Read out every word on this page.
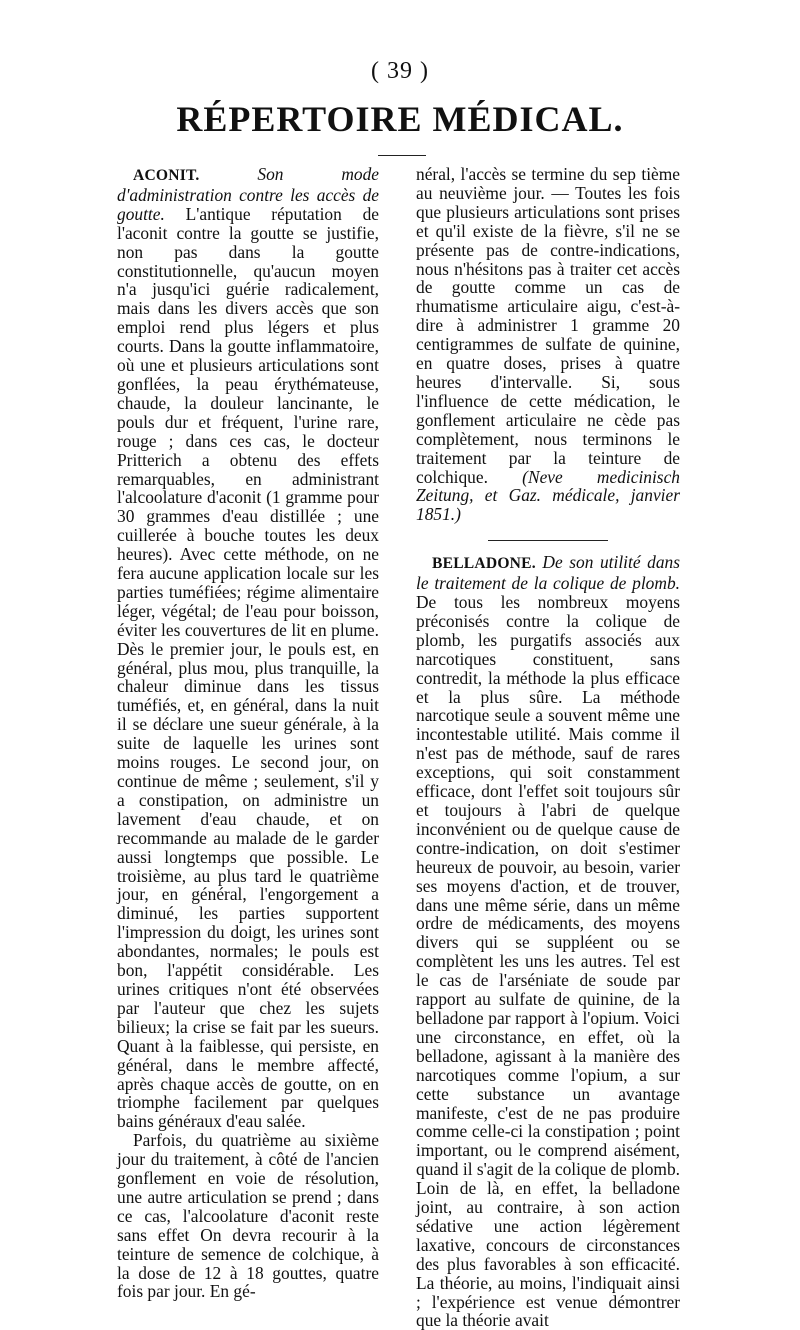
( 39 )
RÉPERTOIRE MÉDICAL.

ACONIT.	Son mode d'administration contre les accès de goutte. L'antique réputation de l'aconit contre la goutte se justifie, non pas dans la goutte constitutionnelle, qu'aucun moyen n'a jusqu'ici guérie radicalement, mais dans les divers accès que son emploi rend plus légers et plus courts. Dans la goutte inflammatoire, où une et plusieurs articulations sont gonflées, la peau érythémateuse, chaude, la douleur lancinante, le pouls dur et fréquent, l'urine rare, rouge ; dans ces cas, le docteur Pritterich a obtenu des effets remarquables, en administrant l'alcoolature d'aconit (1 gramme pour 30 grammes d'eau distillée ; une cuillerée à bouche toutes les deux heures). Avec cette méthode, on ne fera aucune application locale sur les parties tuméfiées; régime alimentaire léger, végétal; de l'eau pour boisson, éviter les couvertures de lit en plume. Dès le premier jour, le pouls est, en général, plus mou, plus tranquille, la chaleur diminue dans les tissus tuméfiés, et, en général, dans la nuit il se déclare une sueur générale, à la suite de laquelle les urines sont moins rouges. Le second jour, on continue de même ; seulement, s'il y a constipation, on administre un lavement d'eau chaude, et on recommande au malade de le garder aussi longtemps que possible. Le troisième, au plus tard le quatrième jour, en général, l'engorgement a diminué, les parties supportent l'impression du doigt, les urines sont abondantes, normales; le pouls est bon, l'appétit considérable. Les urines critiques n'ont été observées par l'auteur que chez les sujets bilieux; la crise se fait par les sueurs. Quant à la faiblesse, qui persiste, en général, dans le membre affecté, après chaque accès de goutte, on en triomphe facilement par quelques bains généraux d'eau salée.

Parfois, du quatrième au sixième jour du traitement, à côté de l'ancien gonflement en voie de résolution, une autre articulation se prend ; dans ce cas, l'alcoolature d'aconit reste sans effet On devra recourir à la teinture de semence de colchique, à la dose de 12 à 18 gouttes, quatre fois par jour. En gé-

néral, l'accès se termine du sep tième au neuvième jour. — Toutes les fois que plusieurs articulations sont prises et qu'il existe de la fièvre, s'il ne se présente pas de contre-indications, nous n'hésitons pas à traiter cet accès de goutte comme un cas de rhumatisme articulaire aigu, c'est-à-dire à administrer 1 gramme 20 centigrammes de sulfate de quinine, en quatre doses, prises à quatre heures d'intervalle. Si, sous l'influence de cette médication, le gonflement articulaire ne cède pas complètement, nous terminons le traitement par la teinture de colchique. (Neve medicinisch Zeitung, et Gaz. médicale, janvier 1851.)

BELLADONE. De son utilité dans le traitement de la colique de plomb. De tous les nombreux moyens préconisés contre la colique de plomb, les purgatifs associés aux narcotiques constituent, sans contredit, la méthode la plus efficace et la plus sûre. La méthode narcotique seule a souvent même une incontestable utilité. Mais comme il n'est pas de méthode, sauf de rares exceptions, qui soit constamment efficace, dont l'effet soit toujours sûr et toujours à l'abri de quelque inconvénient ou de quelque cause de contre-indication, on doit s'estimer heureux de pouvoir, au besoin, varier ses moyens d'action, et de trouver, dans une même série, dans un même ordre de médicaments, des moyens divers qui se suppléent ou se complètent les uns les autres. Tel est le cas de l'arséniate de soude par rapport au sulfate de quinine, de la belladone par rapport à l'opium. Voici une circonstance, en effet, où la belladone, agissant à la manière des narcotiques comme l'opium, a sur cette substance un avantage manifeste, c'est de ne pas produire comme celle-ci la constipation ; point important, ou le comprend aisément, quand il s'agit de la colique de plomb. Loin de là, en effet, la belladone joint, au contraire, à son action sédative une action légèrement laxative, concours de circonstances des plus favorables à son efficacité. La théorie, au moins, l'indiquait ainsi ; l'expérience est venue démontrer que la théorie avait
